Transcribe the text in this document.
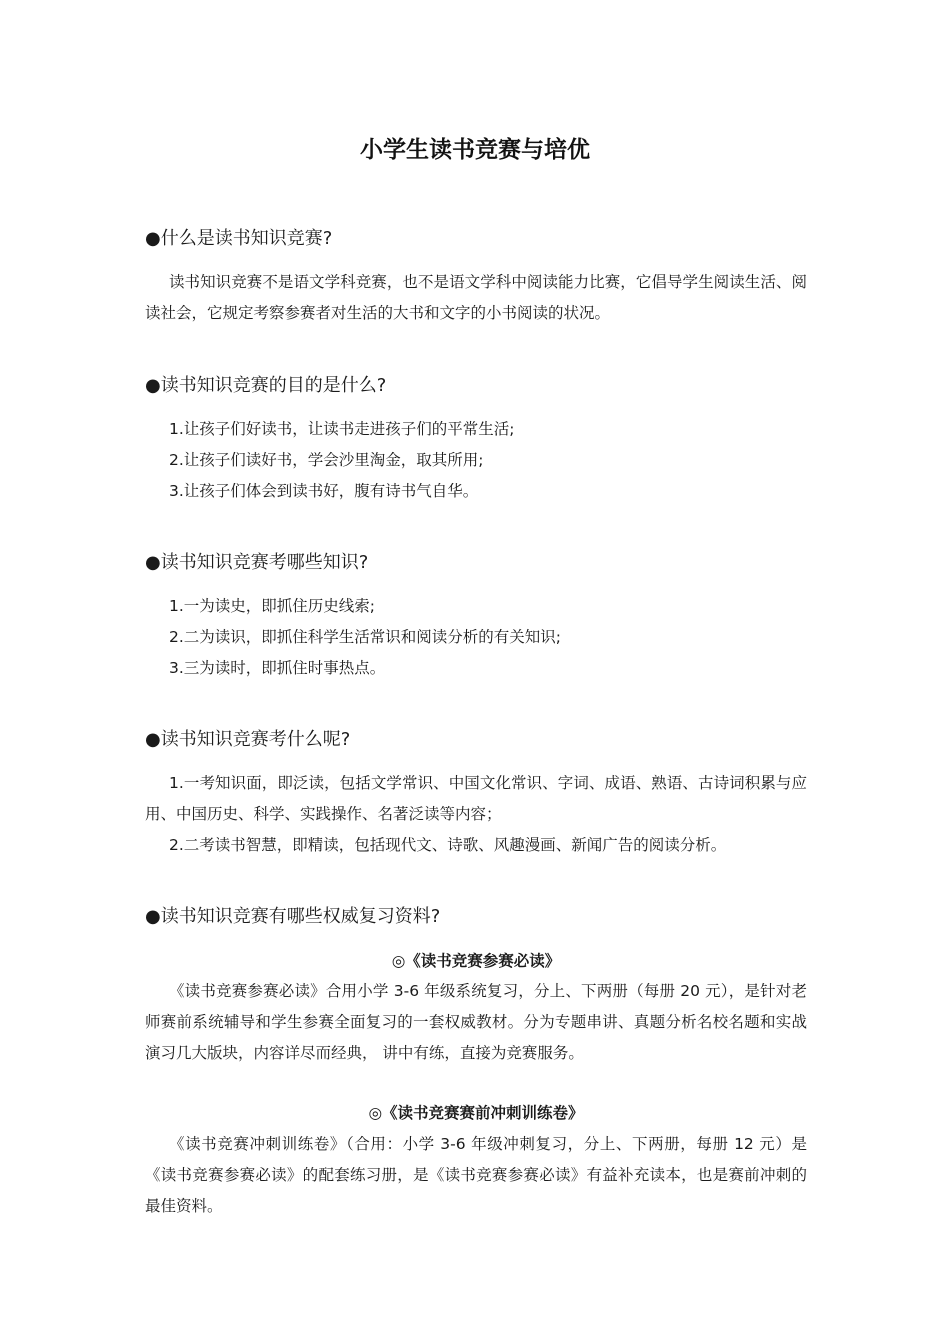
小学生读书竞赛与培优
●什么是读书知识竞赛?
读书知识竞赛不是语文学科竞赛，也不是语文学科中阅读能力比赛，它倡导学生阅读生活、阅读社会，它规定考察参赛者对生活的大书和文字的小书阅读的状况。
●读书知识竞赛的目的是什么?
1.让孩子们好读书，让读书走进孩子们的平常生活;
2.让孩子们读好书，学会沙里淘金，取其所用;
3.让孩子们体会到读书好，腹有诗书气自华。
●读书知识竞赛考哪些知识?
1.一为读史，即抓住历史线索;
2.二为读识，即抓住科学生活常识和阅读分析的有关知识;
3.三为读时，即抓住时事热点。
●读书知识竞赛考什么呢?
1.一考知识面，即泛读，包括文学常识、中国文化常识、字词、成语、熟语、古诗词积累与应用、中国历史、科学、实践操作、名著泛读等内容；
2.二考读书智慧，即精读，包括现代文、诗歌、风趣漫画、新闻广告的阅读分析。
●读书知识竞赛有哪些权威复习资料?
◎《读书竞赛参赛必读》
《读书竞赛参赛必读》合用小学 3-6 年级系统复习，分上、下两册（每册 20 元），是针对老师赛前系统辅导和学生参赛全面复习的一套权威教材。分为专题串讲、真题分析名校名题和实战演习几大版块，内容详尽而经典， 讲中有练，直接为竞赛服务。
◎《读书竞赛赛前冲刺训练卷》
《读书竞赛冲刺训练卷》（合用：小学 3-6 年级冲刺复习，分上、下两册，每册 12 元）是《读书竞赛参赛必读》的配套练习册，是《读书竞赛参赛必读》有益补充读本，也是赛前冲刺的最佳资料。
